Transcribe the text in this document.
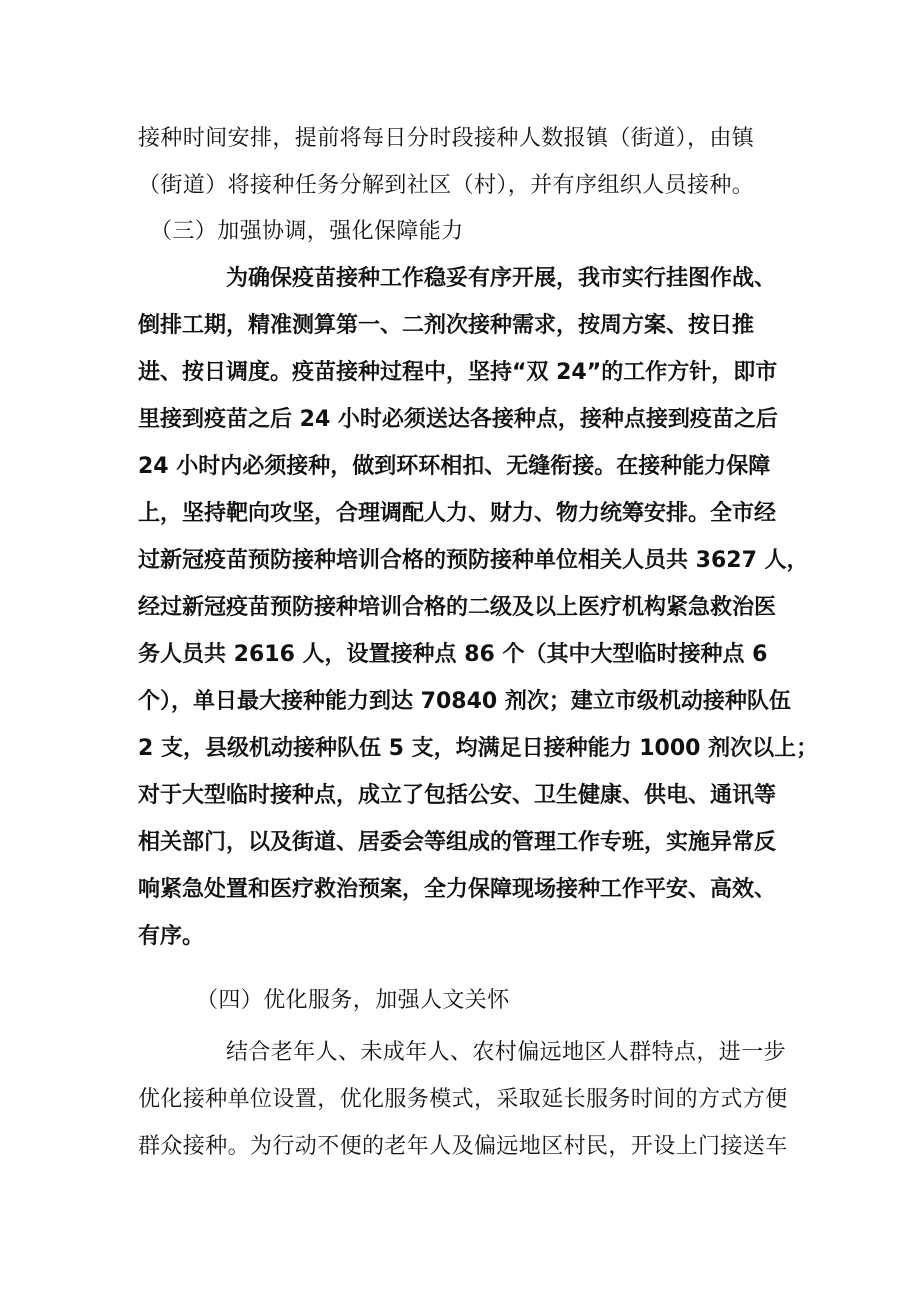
接种时间安排，提前将每日分时段接种人数报镇（街道），由镇
（街道）将接种任务分解到社区（村），并有序组织人员接种。
（三）加强协调，强化保障能力
为确保疫苗接种工作稳妥有序开展，我市实行挂图作战、
倒排工期，精准测算第一、二剂次接种需求，按周方案、按日推
进、按日调度。疫苗接种过程中，坚持“双 24”的工作方针，即市
里接到疫苗之后 24 小时必须送达各接种点，接种点接到疫苗之后
24 小时内必须接种，做到环环相扣、无缝衔接。在接种能力保障
上，坚持靶向攻坚，合理调配人力、财力、物力统筹安排。全市经
过新冠疫苗预防接种培训合格的预防接种单位相关人员共 3627 人，
经过新冠疫苗预防接种培训合格的二级及以上医疗机构紧急救治医
务人员共 2616 人，设置接种点 86 个（其中大型临时接种点 6
个），单日最大接种能力到达 70840 剂次；建立市级机动接种队伍
2 支，县级机动接种队伍 5 支，均满足日接种能力 1000 剂次以上；
对于大型临时接种点，成立了包括公安、卫生健康、供电、通讯等
相关部门，以及街道、居委会等组成的管理工作专班，实施异常反
响紧急处置和医疗救治预案，全力保障现场接种工作平安、高效、
有序。
（四）优化服务，加强人文关怀
结合老年人、未成年人、农村偏远地区人群特点，进一步
优化接种单位设置，优化服务模式，采取延长服务时间的方式方便
群众接种。为行动不便的老年人及偏远地区村民，开设上门接送车
